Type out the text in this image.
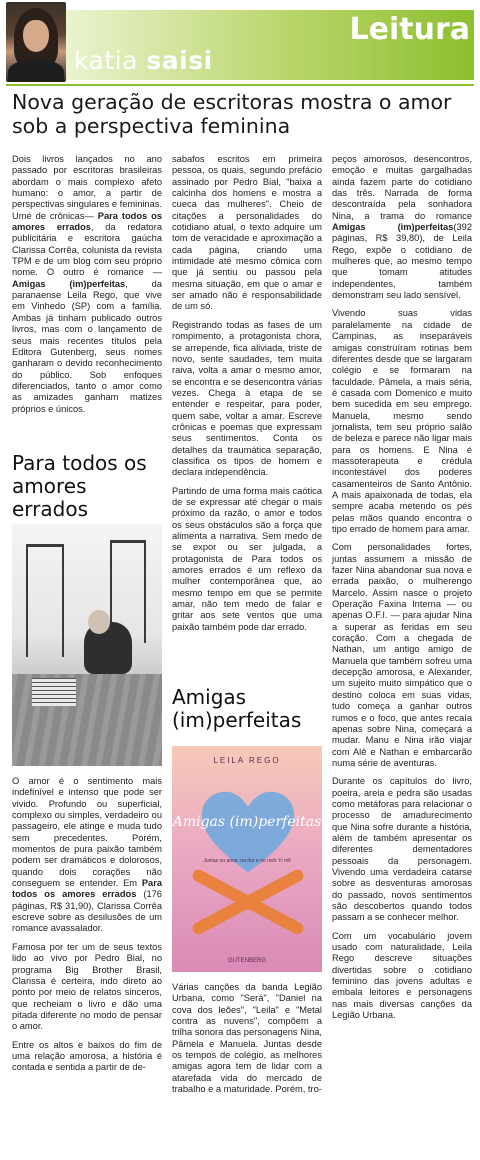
katia saisi
Leitura
Nova geração de escritoras mostra o amor sob a perspectiva feminina

Dois livros lançados no ano passado por escritoras brasileiras abordam o mais complexo afeto humano: o amor, a partir de perspectivas singulares e femininas. Umé de crônicas— Para todos os amores errados, da redatora publicitária e escritora gaúcha Clarissa Corrêa, colunista da revista TPM e de um blog com seu próprio nome. O outro é romance — Amigas (im)perfeitas, da paranaense Leila Rego, que vive em Vinhedo (SP) com a família. Ambas já tinham publicado outros livros, mas com o lançamento de seus mais recentes títulos pela Editora Gutenberg, seus nomes ganharam o devido reconhecimento do público. Sob enfoques diferenciados, tanto o amor como as amizades ganham matizes próprios e únicos.

Para todos os amores errados

O amor é o sentimento mais indefinível e intenso que pode ser vivido. Profundo ou superficial, complexo ou simples, verdadeiro ou passageiro, ele atinge e muda tudo sem precedentes. Porém, momentos de pura paixão também podem ser dramáticos e dolorosos, quando dois corações não conseguem se entender. Em Para todos os amores errados (176 páginas, R$ 31,90), Clarissa Corrêa escreve sobre as desilusões de um romance avassalador.

Famosa por ter um de seus textos lido ao vivo por Pedro Bial, no programa Big Brother Brasil, Clarissa é certeira, indo direto ao ponto por meio de relatos sinceros, que recheiam o livro e dão uma pitada diferente no modo de pensar o amor.

Entre os altos e baixos do fim de uma relação amorosa, a história é contada e sentida a partir de de-

sabafos escritos em primeira pessoa, os quais, segundo prefácio assinado por Pedro Bial, "baixa a calcinha dos homens e mostra a cueca das mulheres". Cheio de citações a personalidades do cotidiano atual, o texto adquire um tom de veracidade e aproximação a cada página, criando uma intimidade até mesmo cômica com que já sentiu ou passou pela mesma situação, em que o amar e ser amado não é responsabilidade de um só.

Registrando todas as fases de um rompimento, a protagonista chora, se arrepende, fica aliviada, triste de novo, sente saudades, tem muita raiva, volta a amar o mesmo amor, se encontra e se desencontra várias vezes. Chega à etapa de se entender e respeitar, para poder, quem sabe, voltar a amar. Escreve crônicas e poemas que expressam seus sentimentos. Conta os detalhes da traumática separação, classifica os tipos de homem e declara independência.

Partindo de uma forma mais caótica de se expressar até chegar o mais próximo da razão, o amor e todos os seus obstáculos são a força que alimenta a narrativa. Sem medo de se expor ou ser julgada, a protagonista de Para todos os amores errados é um reflexo da mulher contemporânea que, ao mesmo tempo em que se permite amar, não tem medo de falar e gritar aos sete ventos que uma paixão também pode dar errado.

Amigas (im)perfeitas
LEILA REGO
Amigas (im)perfeitas
Juntas no amor, na dor e no rock 'n' roll
GUTENBERG

Várias canções da banda Legião Urbana, como "Será", "Daniel na cova dos leões", "Leila" e "Metal contra as nuvens", compõem a trilha sonora das personagens Nina, Pâmela e Manuela. Juntas desde os tempos de colégio, as melhores amigas agora tem de lidar com a atarefada vida do mercado de trabalho e a maturidade. Porém, tro-

peços amorosos, desencontros, emoção e muitas gargalhadas ainda fazem parte do cotidiano das três. Narrada de forma descontraída pela sonhadora Nina, a trama do romance Amigas (im)perfeitas(392 páginas, R$ 39,80), de Leila Rego, expõe o cotidiano de mulheres que, ao mesmo tempo que tomam atitudes independentes, também demonstram seu lado sensível.

Vivendo suas vidas paralelamente na cidade de Campinas, as inseparáveis amigas construíram rotinas bem diferentes desde que se largaram colégio e se formaram na faculdade. Pâmela, a mais séria, é casada com Domenico e muito bem sucedida em seu emprego. Manuela, mesmo sendo jornalista, tem seu próprio salão de beleza e parece não ligar mais para os homens. E Nina é massoterapeuta e crédula incontestável dos poderes casamenteiros de Santo Antônio. A mais apaixonada de todas, ela sempre acaba metendo os pés pelas mãos quando encontra o tipo errado de homem para amar.

Com personalidades fortes, juntas assumem a missão de fazer Nina abandonar sua nova e errada paixão, o mulherengo Marcelo. Assim nasce o projeto Operação Faxina Interna — ou apenas O.F.I. — para ajudar Nina a superar as feridas em seu coração. Com a chegada de Nathan, um antigo amigo de Manuela que também sofreu uma decepção amorosa, e Alexander, um sujeito muito simpático que o destino coloca em suas vidas, tudo começa a ganhar outros rumos e o foco, que antes recaía apenas sobre Nina, começará a mudar. Manu e Nina irão viajar com Alê e Nathan e embarcarão numa série de aventuras.

Durante os capítulos do livro, poeira, areia e pedra são usadas como metáforas para relacionar o processo de amadurecimento que Nina sofre durante a história, além de também apresentar os diferentes dementadores pessoais da personagem. Vivendo uma verdadeira catarse sobre as desventuras amorosas do passado, novos sentimentos são descobertos quando todos passam a se conhecer melhor.

Com um vocabulário jovem usado com naturalidade, Leila Rego descreve situações divertidas sobre o cotidiano feminino das jovens adultas e embala leitores e personagens nas mais diversas canções da Legião Urbana.
